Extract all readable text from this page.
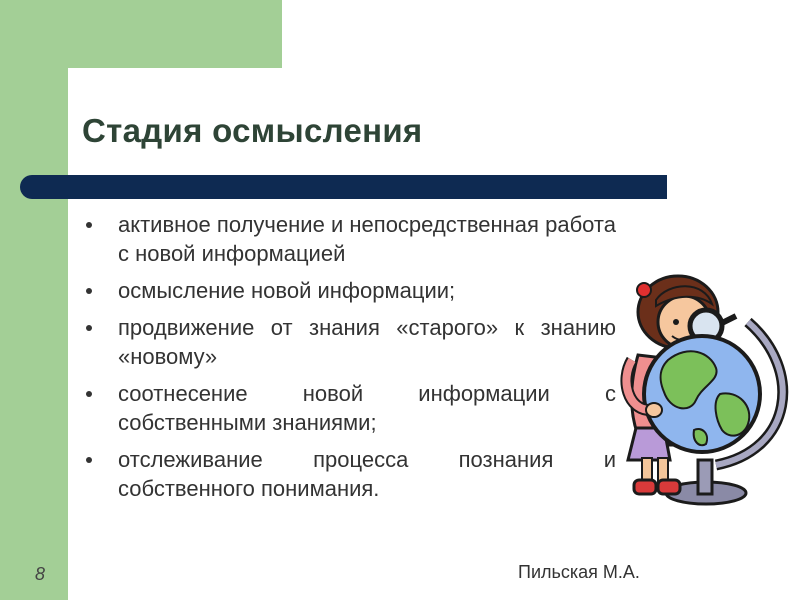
Стадия осмысления
активное получение и непосредственная работа с новой информацией
осмысление новой информации;
продвижение от знания «старого» к знанию «новому»
соотнесение новой информации с собственными знаниями;
отслеживание процесса познания и собственного понимания.
8	Пильская М.А.
